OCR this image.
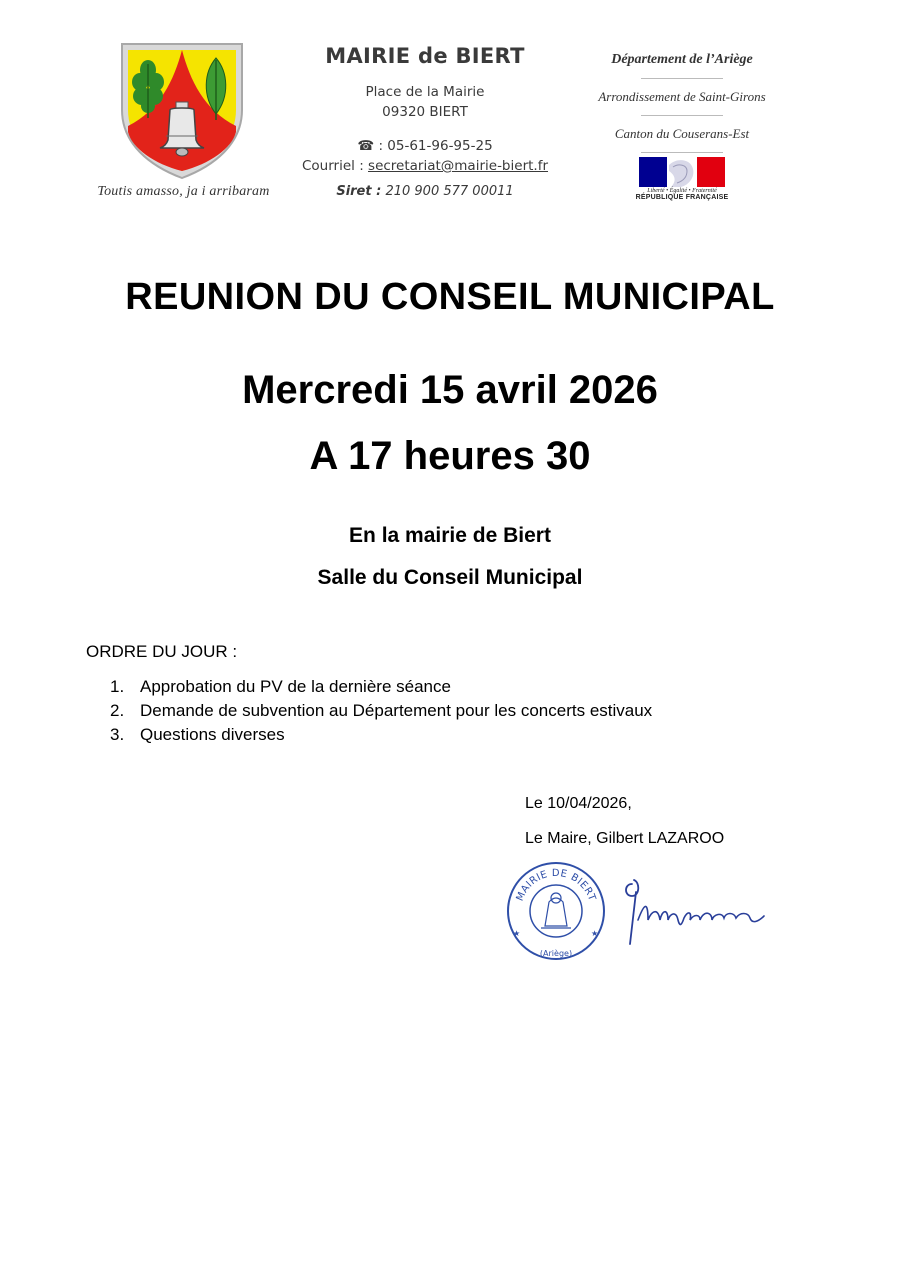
Toutis amasso, ja i arribaram
MAIRIE de BIERT
Place de la Mairie
09320 BIERT
☎ : 05-61-96-95-25
Courriel : secretariat@mairie-biert.fr
Siret : 210 900 577 00011
Département de l’Ariège
Arrondissement de Saint-Girons
Canton du Couserans-Est
Liberté • Égalité • Fraternité
RÉPUBLIQUE FRANÇAISE
REUNION DU CONSEIL MUNICIPAL
Mercredi 15 avril 2026
A 17 heures 30
En la mairie de Biert
Salle du Conseil Municipal
ORDRE DU JOUR :
1. Approbation du PV de la dernière séance
2. Demande de subvention au Département pour les concerts estivaux
3. Questions diverses
Le 10/04/2026,
Le Maire, Gilbert LAZAROO
MAIRIE DE BIERT
(Ariège)
★	★
